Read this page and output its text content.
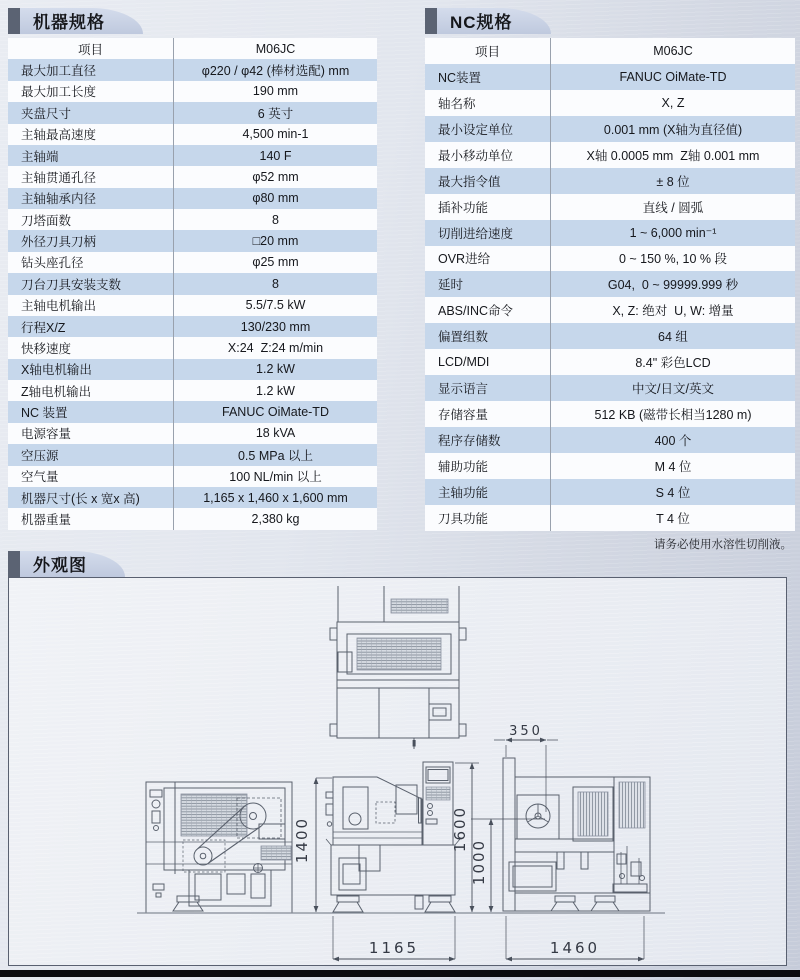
机器规格
项目	M06JC
最大加工直径	φ220 / φ42 (棒材选配) mm
最大加工长度	190 mm
夹盘尺寸	6 英寸
主轴最高速度	4,500 min-1
主轴端	140 F
主轴贯通孔径	φ52 mm
主轴轴承内径	φ80 mm
刀塔面数	8
外径刀具刀柄	□20 mm
钻头座孔径	φ25 mm
刀台刀具安装支数	8
主轴电机输出	5.5/7.5 kW
行程X/Z	130/230 mm
快移速度	X:24  Z:24 m/min
X轴电机输出	1.2 kW
Z轴电机输出	1.2 kW
NC 装置	FANUC OiMate-TD
电源容量	18 kVA
空压源	0.5 MPa 以上
空气量	100 NL/min 以上
机器尺寸(长 x 宽x 高)	1,165 x 1,460 x 1,600 mm
机器重量	2,380 kg
NC规格
项目	M06JC
NC装置	FANUC OiMate-TD
轴名称	X, Z
最小设定单位	0.001 mm (X轴为直径值)
最小移动单位	X轴 0.0005 mm  Z轴 0.001 mm
最大指令值	± 8 位
插补功能	直线 / 圆弧
切削进给速度	1 ~ 6,000 min⁻¹
OVR进给	0 ~ 150 %, 10 % 段
延时	G04,  0 ~ 99999.999 秒
ABS/INC命令	X, Z: 绝对  U, W: 增量
偏置组数	64 组
LCD/MDI	8.4" 彩色LCD
显示语言	中文/日文/英文
存储容量	512 KB (磁带长相当1280 m)
程序存储数	400 个
辅助功能	M 4 位
主轴功能	S 4 位
刀具功能	T 4 位
请务必使用水溶性切削液。
外观图
350
1400	1600
1000
1165	1460
